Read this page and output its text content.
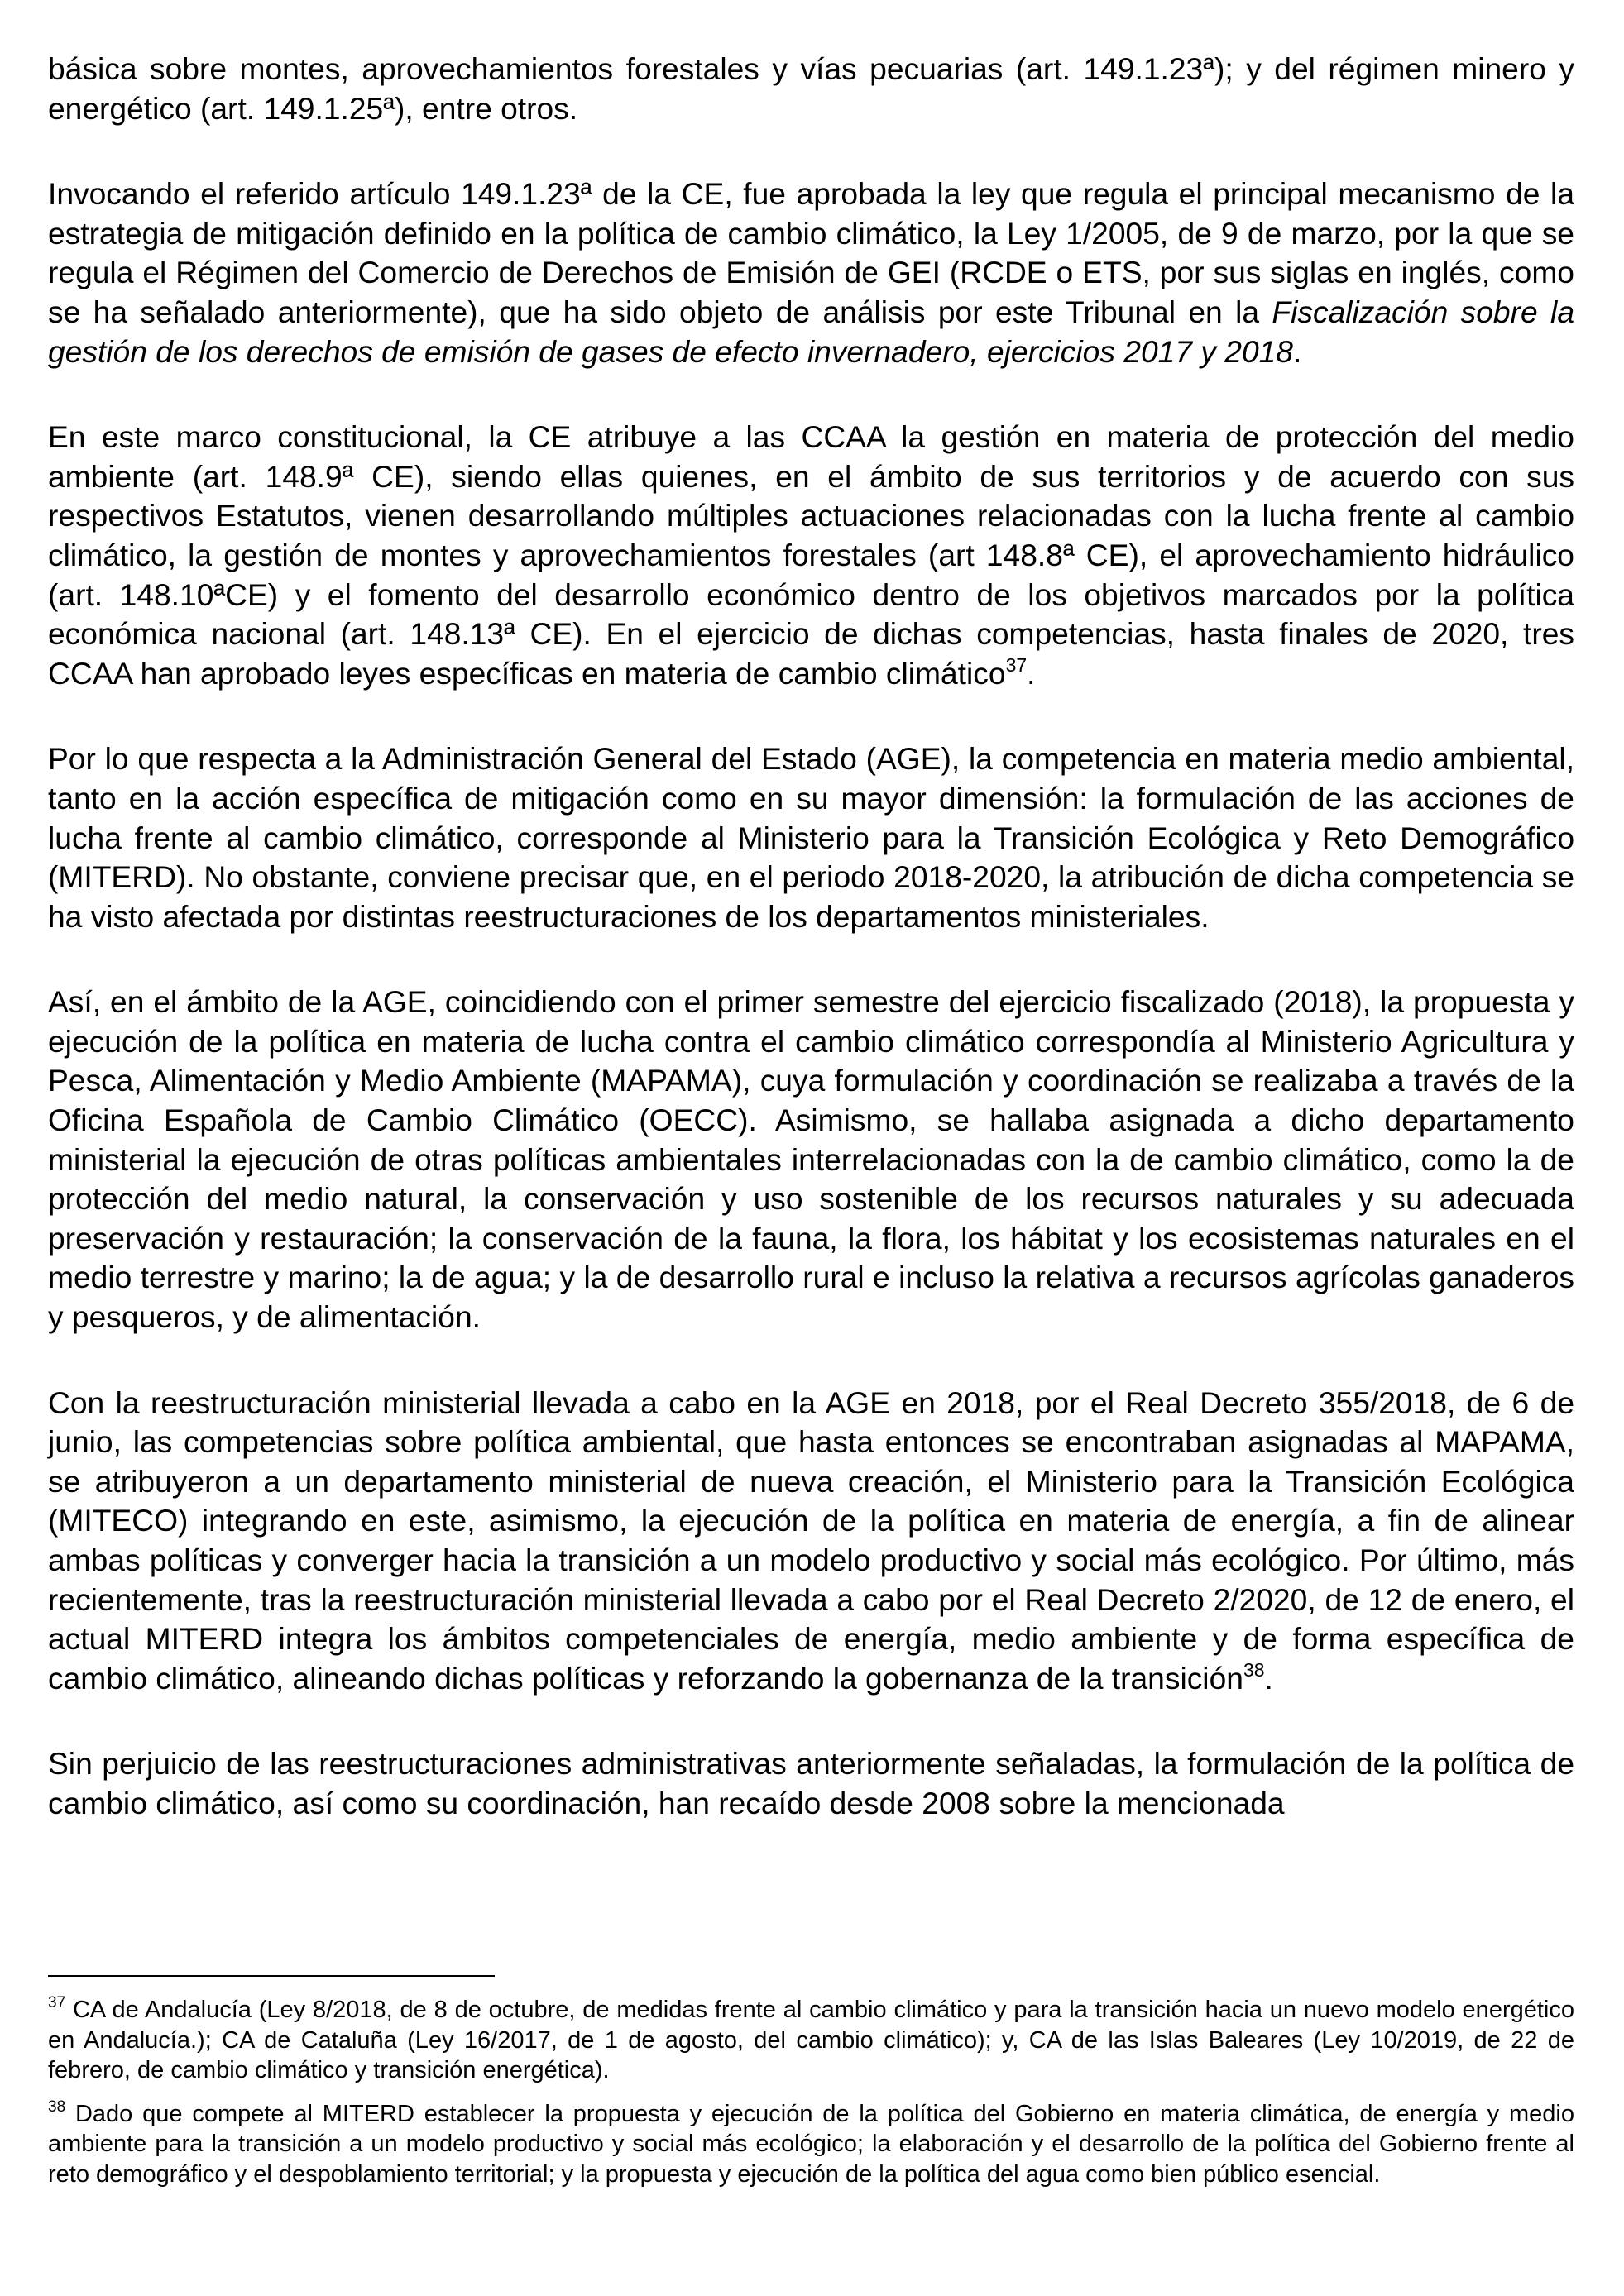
básica sobre montes, aprovechamientos forestales y vías pecuarias (art. 149.1.23ª); y del régimen minero y energético (art. 149.1.25ª), entre otros.

Invocando el referido artículo 149.1.23ª de la CE, fue aprobada la ley que regula el principal mecanismo de la estrategia de mitigación definido en la política de cambio climático, la Ley 1/2005, de 9 de marzo, por la que se regula el Régimen del Comercio de Derechos de Emisión de GEI (RCDE o ETS, por sus siglas en inglés, como se ha señalado anteriormente), que ha sido objeto de análisis por este Tribunal en la Fiscalización sobre la gestión de los derechos de emisión de gases de efecto invernadero, ejercicios 2017 y 2018.

En este marco constitucional, la CE atribuye a las CCAA la gestión en materia de protección del medio ambiente (art. 148.9ª CE), siendo ellas quienes, en el ámbito de sus territorios y de acuerdo con sus respectivos Estatutos, vienen desarrollando múltiples actuaciones relacionadas con la lucha frente al cambio climático, la gestión de montes y aprovechamientos forestales (art 148.8ª CE), el aprovechamiento hidráulico (art. 148.10ªCE) y el fomento del desarrollo económico dentro de los objetivos marcados por la política económica nacional (art. 148.13ª CE). En el ejercicio de dichas competencias, hasta finales de 2020, tres CCAA han aprobado leyes específicas en materia de cambio climático$^{37}$.

Por lo que respecta a la Administración General del Estado (AGE), la competencia en materia medio ambiental, tanto en la acción específica de mitigación como en su mayor dimensión: la formulación de las acciones de lucha frente al cambio climático, corresponde al Ministerio para la Transición Ecológica y Reto Demográfico (MITERD). No obstante, conviene precisar que, en el periodo 2018-2020, la atribución de dicha competencia se ha visto afectada por distintas reestructuraciones de los departamentos ministeriales.

Así, en el ámbito de la AGE, coincidiendo con el primer semestre del ejercicio fiscalizado (2018), la propuesta y ejecución de la política en materia de lucha contra el cambio climático correspondía al Ministerio Agricultura y Pesca, Alimentación y Medio Ambiente (MAPAMA), cuya formulación y coordinación se realizaba a través de la Oficina Española de Cambio Climático (OECC). Asimismo, se hallaba asignada a dicho departamento ministerial la ejecución de otras políticas ambientales interrelacionadas con la de cambio climático, como la de protección del medio natural, la conservación y uso sostenible de los recursos naturales y su adecuada preservación y restauración; la conservación de la fauna, la flora, los hábitat y los ecosistemas naturales en el medio terrestre y marino; la de agua; y la de desarrollo rural e incluso la relativa a recursos agrícolas ganaderos y pesqueros, y de alimentación.

Con la reestructuración ministerial llevada a cabo en la AGE en 2018, por el Real Decreto 355/2018, de 6 de junio, las competencias sobre política ambiental, que hasta entonces se encontraban asignadas al MAPAMA, se atribuyeron a un departamento ministerial de nueva creación, el Ministerio para la Transición Ecológica (MITECO) integrando en este, asimismo, la ejecución de la política en materia de energía, a fin de alinear ambas políticas y converger hacia la transición a un modelo productivo y social más ecológico. Por último, más recientemente, tras la reestructuración ministerial llevada a cabo por el Real Decreto 2/2020, de 12 de enero, el actual MITERD integra los ámbitos competenciales de energía, medio ambiente y de forma específica de cambio climático, alineando dichas políticas y reforzando la gobernanza de la transición$^{38}$.

Sin perjuicio de las reestructuraciones administrativas anteriormente señaladas, la formulación de la política de cambio climático, así como su coordinación, han recaído desde 2008 sobre la mencionada

$^{37}$ CA de Andalucía (Ley 8/2018, de 8 de octubre, de medidas frente al cambio climático y para la transición hacia un nuevo modelo energético en Andalucía.); CA de Cataluña (Ley 16/2017, de 1 de agosto, del cambio climático); y, CA de las Islas Baleares (Ley 10/2019, de 22 de febrero, de cambio climático y transición energética).

$^{38}$ Dado que compete al MITERD establecer la propuesta y ejecución de la política del Gobierno en materia climática, de energía y medio ambiente para la transición a un modelo productivo y social más ecológico; la elaboración y el desarrollo de la política del Gobierno frente al reto demográfico y el despoblamiento territorial; y la propuesta y ejecución de la política del agua como bien público esencial.
